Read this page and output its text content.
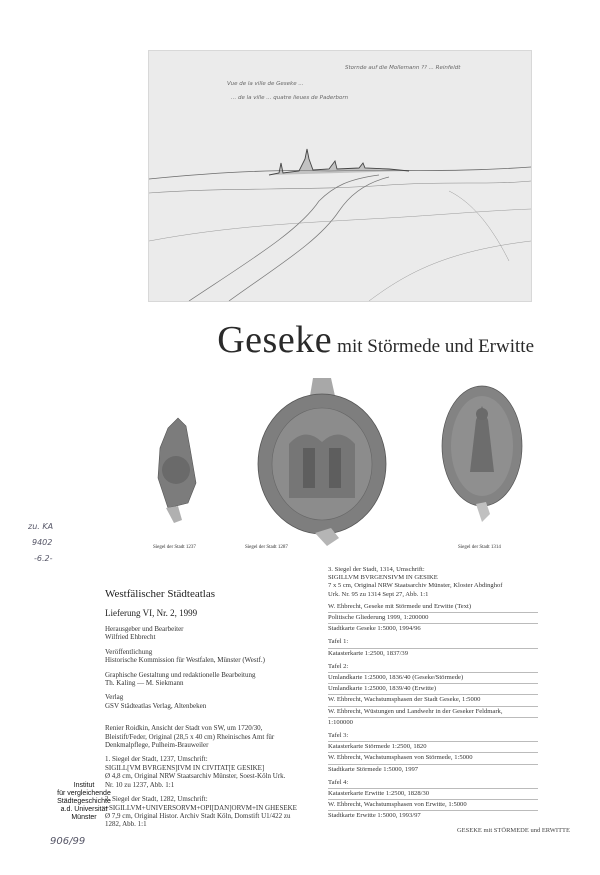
Stornde auf die Mollemann ?? ... Reinfeldt
Vue de la ville de Geseke ...
... de la ville ... quatre lieues de Paderborn
Geseke mit Störmede und Erwitte
Siegel der Stadt 1237	Siegel der Stadt 1287	Siegel der Stadt 1314
zu. KA
9402
-6.2-
906/99
Westfälischer Städteatlas
Lieferung VI, Nr. 2, 1999
Herausgeber und Bearbeiter
Wilfried Ehbrecht
Veröffentlichung
Historische Kommission für Westfalen, Münster (Westf.)
Graphische Gestaltung und redaktionelle Bearbeitung
Th. Kaling — M. Siekmann
Verlag
GSV Städteatlas Verlag, Altenbeken
Renier Roidkin, Ansicht der Stadt von SW, um 1720/30,
Bleistift/Feder, Original (28,5 x 40 cm) Rheinisches Amt für
Denkmalpflege, Pulheim-Brauweiler
1. Siegel der Stadt, 1237, Umschrift:
SIGILL[VM BVRGENS]IVM IN CIVITAT[E GESIKE]
Ø 4,8 cm, Original NRW Staatsarchiv Münster, Soest-Köln Urk.
Nr. 10 zu 1237, Abb. 1:1
2. Siegel der Stadt, 1282, Umschrift:
+SIGILLVM+UNIVERSORVM+OPI[DAN]ORVM+IN GHESEKE
Ø 7,9 cm, Original Histor. Archiv Stadt Köln, Domstift U1/422 zu
1282, Abb. 1:1
3. Siegel der Stadt, 1314, Umschrift:
SIGILLVM BVRGENSIVM IN GESIKE
7 x 5 cm, Original NRW Staatsarchiv Münster, Kloster Abdinghof
Urk. Nr. 95 zu 1314 Sept 27, Abb. 1:1
W. Ehbrecht, Geseke mit Störmede und Erwitte (Text)
Politische Gliederung 1999, 1:200000
Stadtkarte Geseke 1:5000, 1994/96
Tafel 1:
Katasterkarte 1:2500, 1837/39
Tafel 2:
Umlandkarte 1:25000, 1836/40 (Geseke/Störmede)
Umlandkarte 1:25000, 1839/40 (Erwitte)
W. Ehbrecht, Wachstumsphasen der Stadt Geseke, 1:5000
W. Ehbrecht, Wüstungen und Landwehr in der Geseker Feldmark,
1:100000
Tafel 3:
Katasterkarte Störmede 1:2500, 1820
W. Ehbrecht, Wachstumsphasen von Störmede, 1:5000
Stadtkarte Störmede 1:5000, 1997
Tafel 4:
Katasterkarte Erwitte 1:2500, 1828/30
W. Ehbrecht, Wachstumsphasen von Erwitte, 1:5000
Stadtkarte Erwitte 1:5000, 1993/97
Institut
für vergleichende
Städtegeschichte
a.d. Universität
Münster
GESEKE mit STÖRMEDE und ERWITTE
